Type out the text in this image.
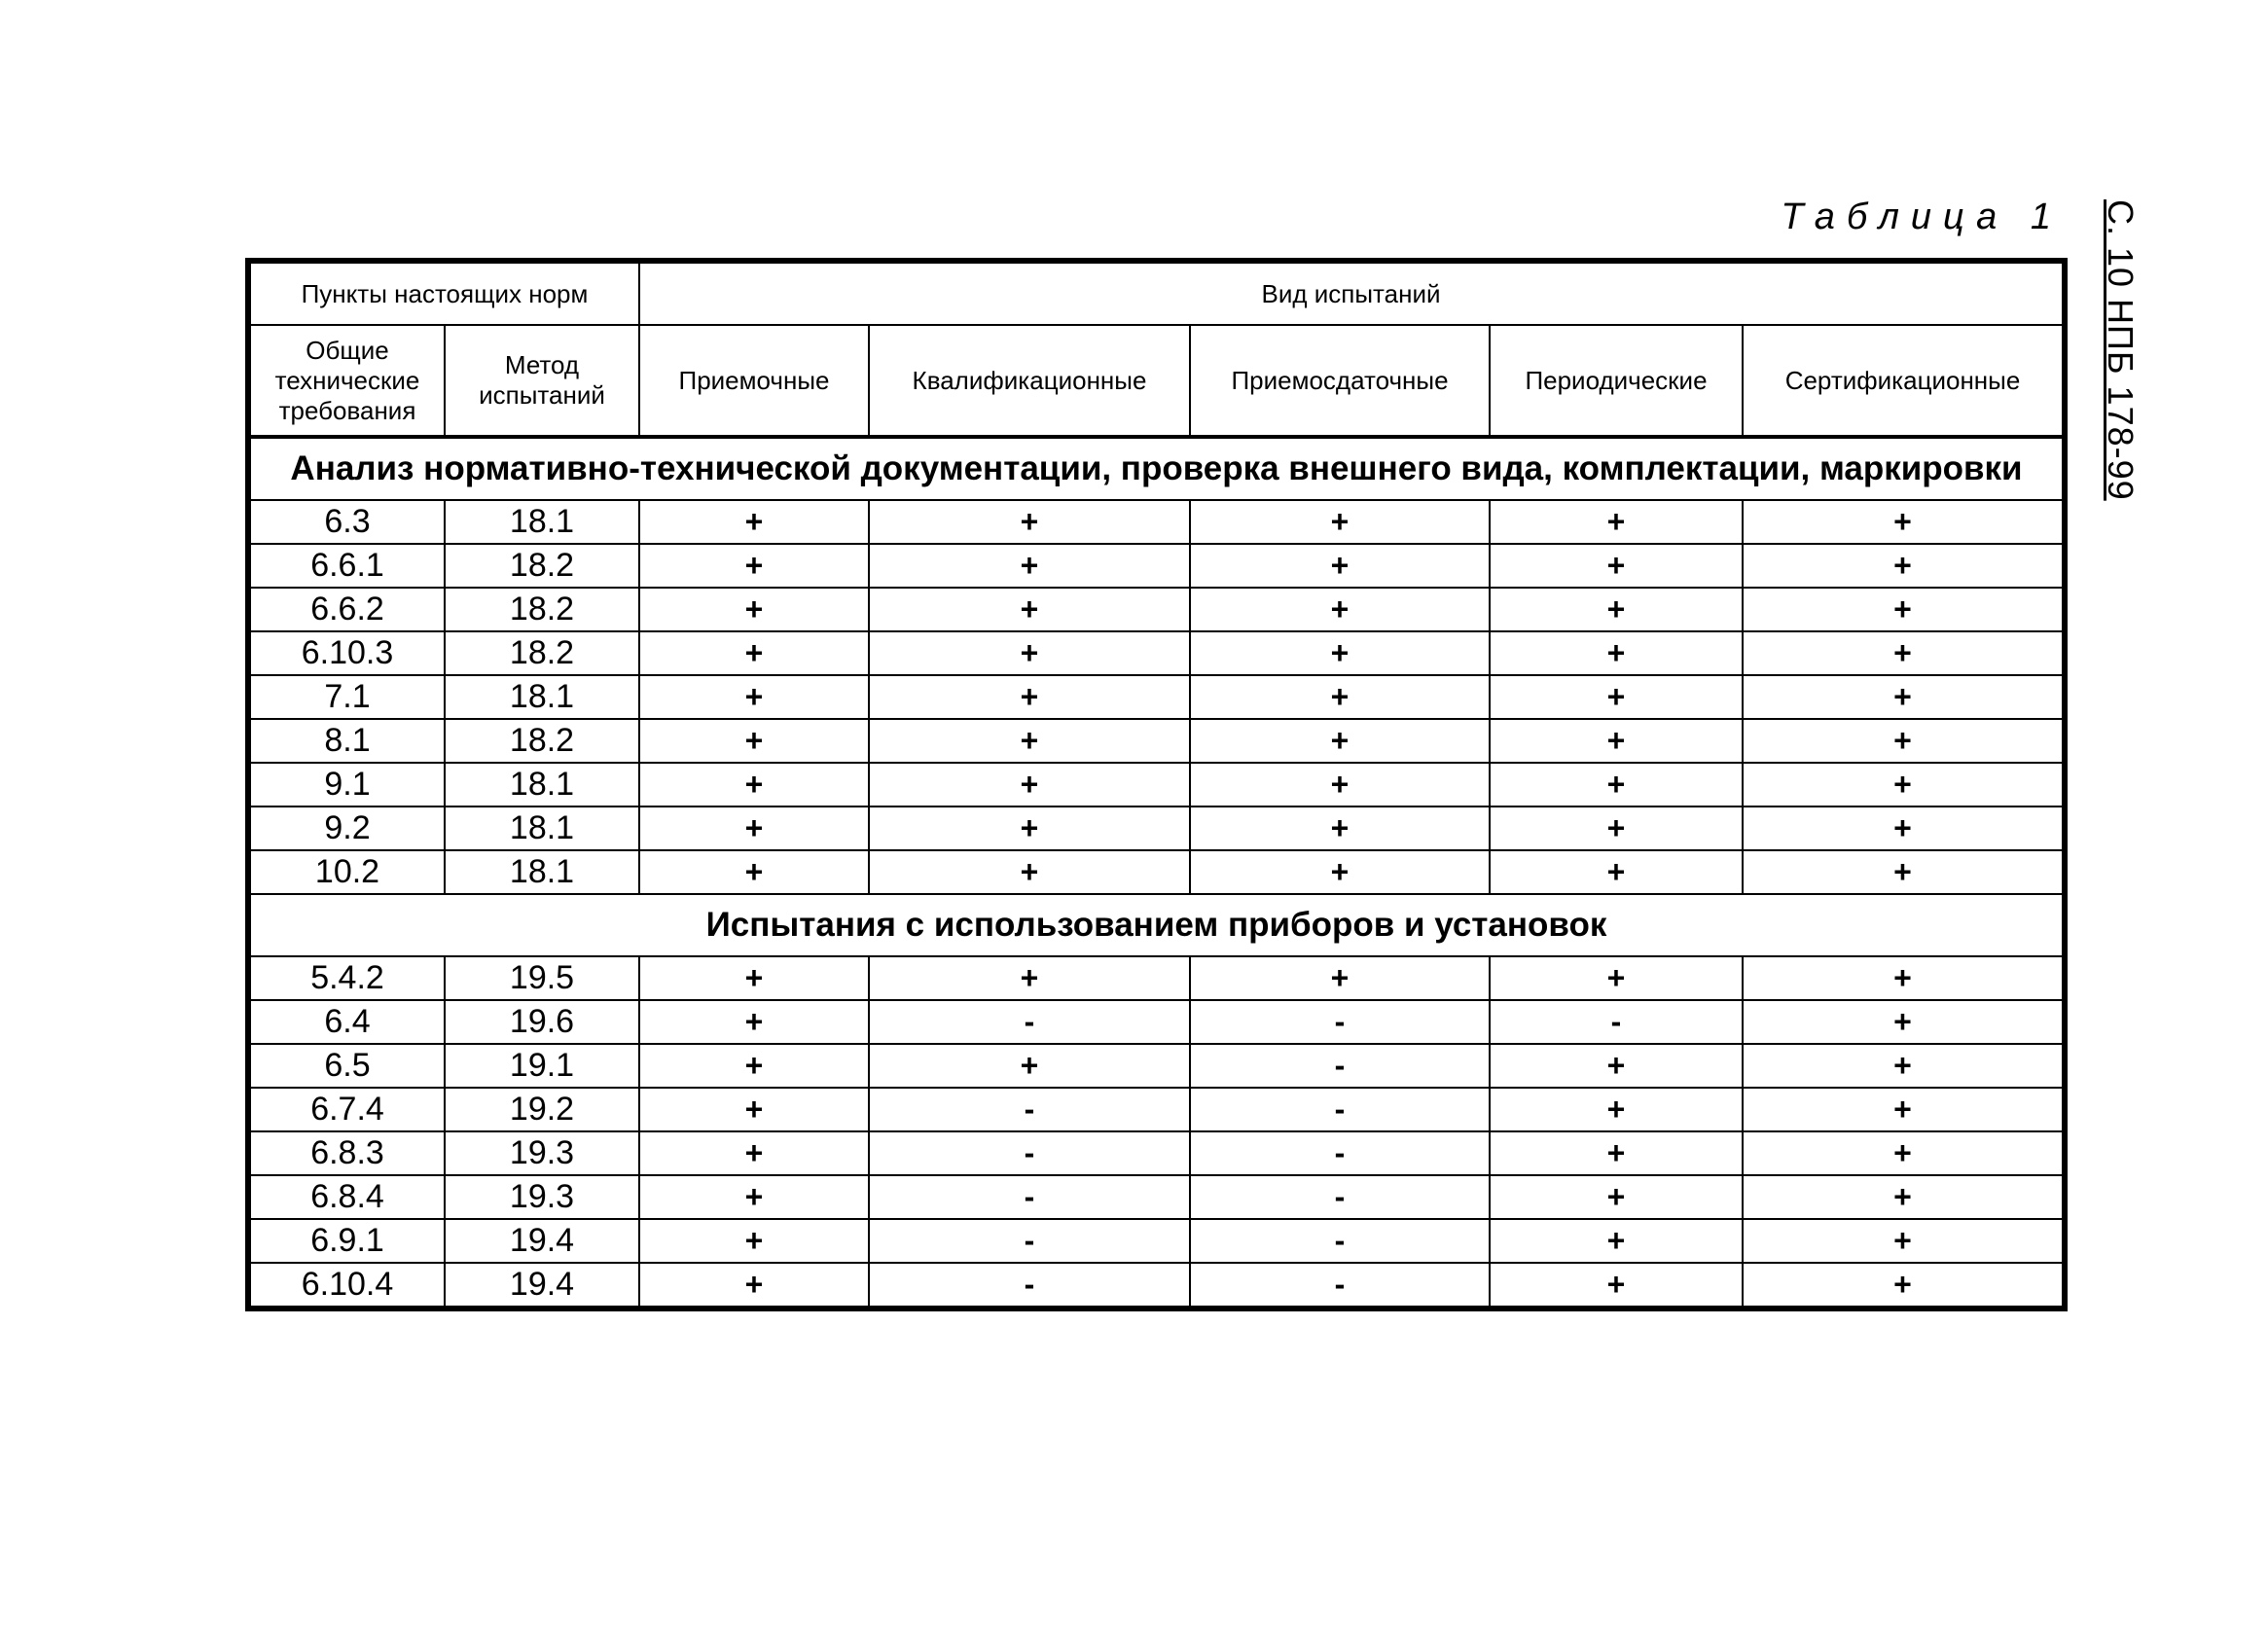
Таблица 1 С. 10 НПБ 178-99
Пункты настоящих норм		Вид испытаний				
Общие
технические
требования	Метод
испытаний	Приемочные	Квалификационные	Приемосдаточные	Периодические	Сертификационные
Анализ нормативно-технической документации, проверка внешнего вида, комплектации, маркировки						
6.3	18.1	+	+	+	+	+
6.6.1	18.2	+	+	+	+	+
6.6.2	18.2	+	+	+	+	+
6.10.3	18.2	+	+	+	+	+
7.1	18.1	+	+	+	+	+
8.1	18.2	+	+	+	+	+
9.1	18.1	+	+	+	+	+
9.2	18.1	+	+	+	+	+
10.2	18.1	+	+	+	+	+
Испытания с использованием приборов и установок						
5.4.2	19.5	+	+	+	+	+
6.4	19.6	+	-	-	-	+
6.5	19.1	+	+	-	+	+
6.7.4	19.2	+	-	-	+	+
6.8.3	19.3	+	-	-	+	+
6.8.4	19.3	+	-	-	+	+
6.9.1	19.4	+	-	-	+	+
6.10.4	19.4	+	-	-	+	+
